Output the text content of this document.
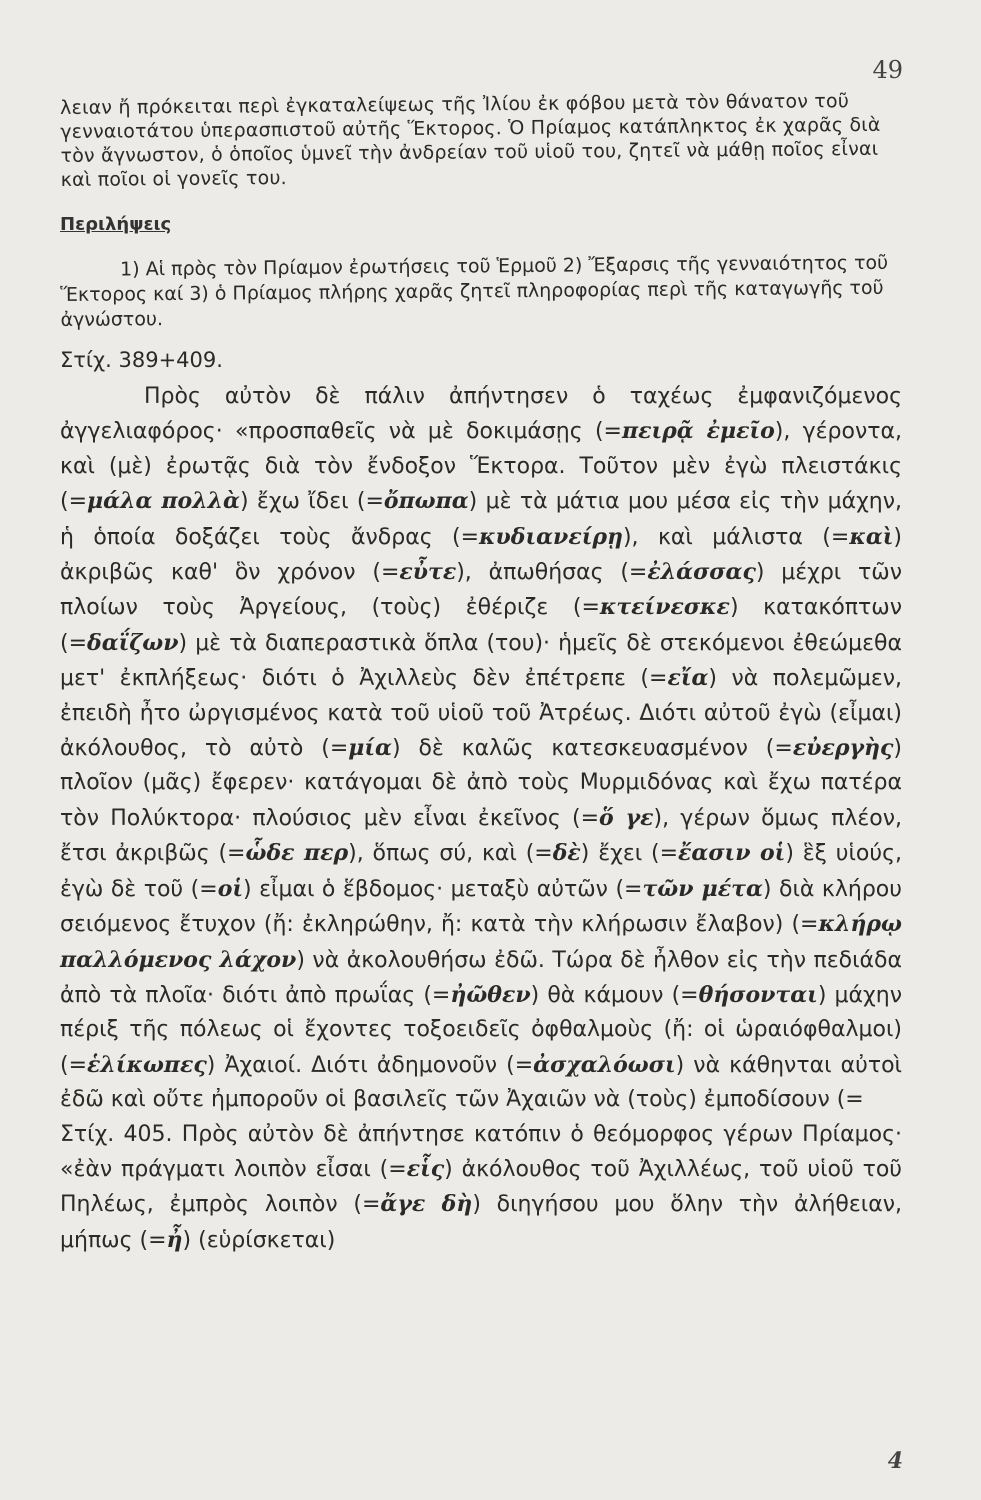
49
λειαν ἤ πρόκειται περὶ ἐγκαταλείψεως τῆς Ἰλίου ἐκ φόβου μετὰ τὸν θάνατον τοῦ γενναιοτάτου ὑπερασπιστοῦ αὐτῆς Ἕκτορος. Ὁ Πρίαμος κατάπληκτος ἐκ χαρᾶς διὰ τὸν ἄγνωστον, ὁ ὁποῖος ὑμνεῖ τὴν ἀνδρείαν τοῦ υἱοῦ του, ζητεῖ νὰ μάθῃ ποῖος εἶναι καὶ ποῖοι οἱ γονεῖς του.
Περιλήψεις
1) Αἱ πρὸς τὸν Πρίαμον ἐρωτήσεις τοῦ Ἑρμοῦ 2) Ἔξαρσις τῆς γενναιότητος τοῦ Ἕκτορος καί 3) ὁ Πρίαμος πλήρης χαρᾶς ζητεῖ πληροφορίας περὶ τῆς καταγωγῆς τοῦ ἀγνώστου.
Στίχ. 389+409.

Πρὸς αὐτὸν δὲ πάλιν ἀπήντησεν ὁ ταχέως ἐμφανιζόμενος ἀγγελιαφόρος· «προσπαθεῖς νὰ μὲ δοκιμάσῃς (=πειρᾷ ἐμεῖο), γέροντα, καὶ (μὲ) ἐρωτᾷς διὰ τὸν ἔνδοξον Ἕκτορα. Τοῦτον μὲν ἐγὼ πλειστάκις (=μάλα πολλὰ) ἔχω ἴδει (=ὄπωπα) μὲ τὰ μάτια μου μέσα εἰς τὴν μάχην, ἡ ὁποία δοξάζει τοὺς ἄνδρας (=κυδιανείρῃ), καὶ μάλιστα (=καὶ) ἀκριβῶς καθ' ὃν χρόνον (=εὖτε), ἀπωθήσας (=ἐλάσσας) μέχρι τῶν πλοίων τοὺς Ἀργείους, (τοὺς) ἐθέριζε (=κτείνεσκε) κατακόπτων (=δαΐζων) μὲ τὰ διαπεραστικὰ ὅπλα (του)· ἡμεῖς δὲ στεκόμενοι ἐθεώμεθα μετ' ἐκπλήξεως· διότι ὁ Ἀχιλλεὺς δὲν ἐπέτρεπε (=εἴα) νὰ πολεμῶμεν, ἐπειδὴ ἦτο ὠργισμένος κατὰ τοῦ υἱοῦ τοῦ Ἀτρέως. Διότι αὐτοῦ ἐγὼ (εἶμαι) ἀκόλουθος, τὸ αὐτὸ (=μία) δὲ καλῶς κατεσκευασμένον (=εὐεργὴς) πλοῖον (μᾶς) ἔφερεν· κατάγομαι δὲ ἀπὸ τοὺς Μυρμιδόνας καὶ ἔχω πατέρα τὸν Πολύκτορα· πλούσιος μὲν εἶναι ἐκεῖνος (=ὅ γε), γέρων ὅμως πλέον, ἔτσι ἀκριβῶς (=ὧδε περ), ὅπως σύ, καὶ (=δὲ) ἔχει (=ἔασιν οἱ) ἓξ υἱούς, ἐγὼ δὲ τοῦ (=οἱ) εἶμαι ὁ ἕβδομος· μεταξὺ αὐτῶν (=τῶν μέτα) διὰ κλήρου σειόμενος ἔτυχον (ἤ: ἐκληρώθην, ἤ: κατὰ τὴν κλήρωσιν ἔλαβον) (=κλήρῳ παλλόμενος λάχον) νὰ ἀκολουθήσω ἐδῶ. Τώρα δὲ ἦλθον εἰς τὴν πεδιάδα ἀπὸ τὰ πλοῖα· διότι ἀπὸ πρωΐας (=ἠῶθεν) θὰ κάμουν (=θήσονται) μάχην πέριξ τῆς πόλεως οἱ ἔχοντες τοξοειδεῖς ὀφθαλμοὺς (ἤ: οἱ ὡραιόφθαλμοι) (=ἑλίκωπες) Ἀχαιοί. Διότι ἀδημονοῦν (=ἀσχαλόωσι) νὰ κάθηνται αὐτοὶ ἐδῶ καὶ οὔτε ἠμποροῦν οἱ βασιλεῖς τῶν Ἀχαιῶν νὰ (τοὺς) ἐμποδίσουν (=

Στίχ. 405. Πρὸς αὐτὸν δὲ ἀπήντησε κατόπιν ὁ θεόμορφος γέρων Πρίαμος· «ἐὰν πράγματι λοιπὸν εἶσαι (=εἷς) ἀκόλουθος τοῦ Ἀχιλλέως, τοῦ υἱοῦ τοῦ Πηλέως, ἐμπρὸς λοιπὸν (=ἄγε δὴ) διηγήσου μου ὅλην τὴν ἀλήθειαν, μήπως (=ἦ) (εὑρίσκεται)

4
